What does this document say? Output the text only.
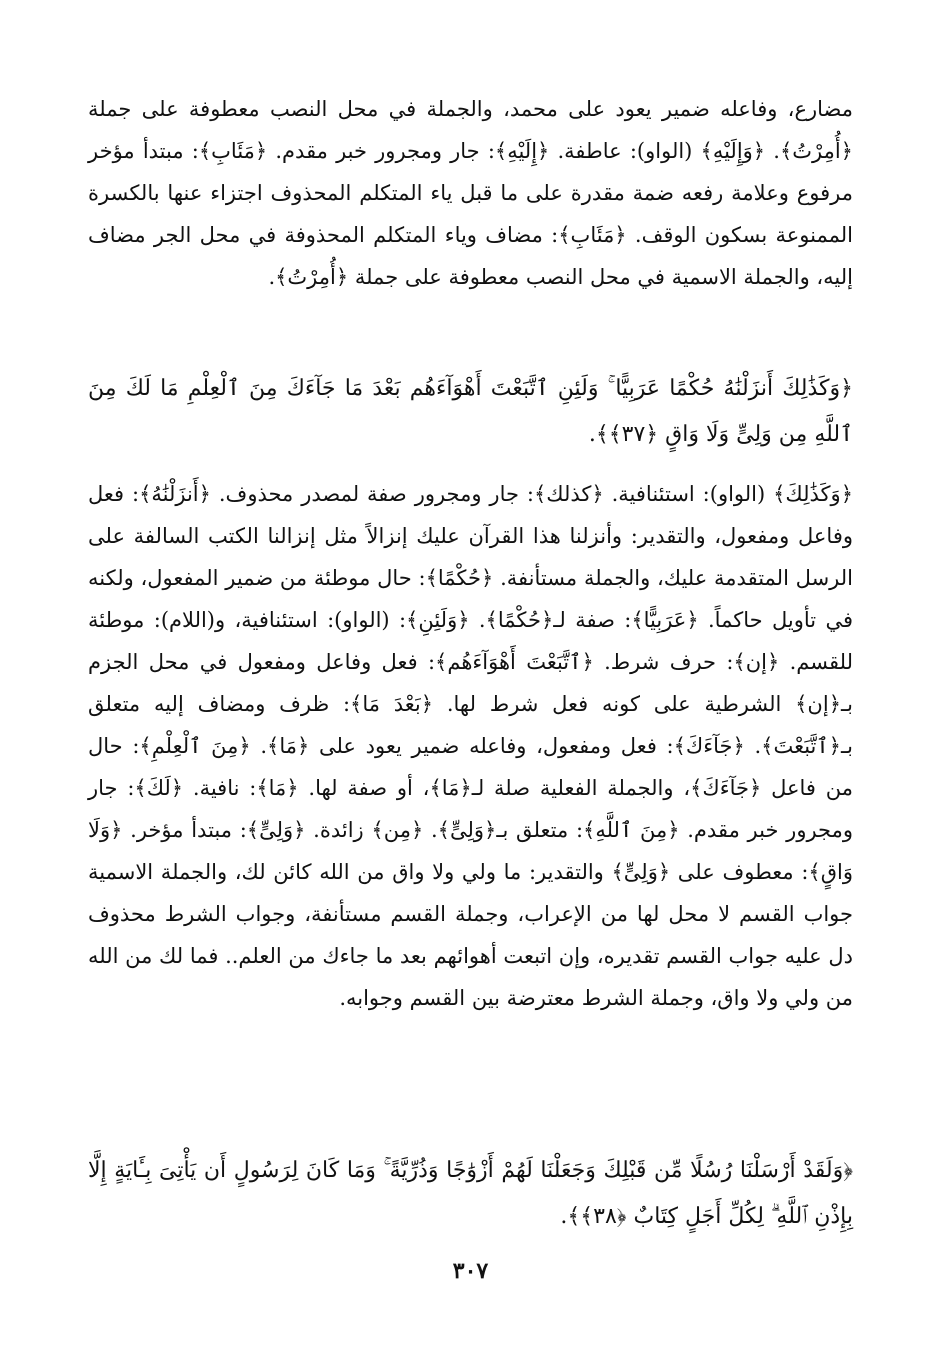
مضارع، وفاعله ضمير يعود على محمد، والجملة في محل النصب معطوفة على جملة ﴿أُمِرْتُ﴾. ﴿وَإِلَيْهِ﴾ (الواو): عاطفة. ﴿إِلَيْهِ﴾: جار ومجرور خبر مقدم. ﴿مَئَابِ﴾: مبتدأ مؤخر مرفوع وعلامة رفعه ضمة مقدرة على ما قبل ياء المتكلم المحذوف اجتزاء عنها بالكسرة الممنوعة بسكون الوقف. ﴿مَئَابِ﴾: مضاف وياء المتكلم المحذوفة في محل الجر مضاف إليه، والجملة الاسمية في محل النصب معطوفة على جملة ﴿أُمِرْتُ﴾.

﴿وَكَذَٰلِكَ أَنزَلْنَٰهُ حُكْمًا عَرَبِيًّا ۚ وَلَئِنِ ٱتَّبَعْتَ أَهْوَآءَهُم بَعْدَ مَا جَآءَكَ مِنَ ٱلْعِلْمِ مَا لَكَ مِنَ ٱللَّهِ مِن وَلِىٍّ وَلَا وَاقٍ ﴿٣٧﴾﴾.

﴿وَكَذَٰلِكَ﴾ (الواو): استئنافية. ﴿كذلك﴾: جار ومجرور صفة لمصدر محذوف. ﴿أَنزَلْنَٰهُ﴾: فعل وفاعل ومفعول، والتقدير: وأنزلنا هذا القرآن عليك إنزالاً مثل إنزالنا الكتب السالفة على الرسل المتقدمة عليك، والجملة مستأنفة. ﴿حُكْمًا﴾: حال موطئة من ضمير المفعول، ولكنه في تأويل حاكماً. ﴿عَرَبِيًّا﴾: صفة لـ﴿حُكْمًا﴾. ﴿وَلَئِنِ﴾: (الواو): استئنافية، و(اللام): موطئة للقسم. ﴿إن﴾: حرف شرط. ﴿ٱتَّبَعْتَ أَهْوَآءَهُم﴾: فعل وفاعل ومفعول في محل الجزم بـ﴿إن﴾ الشرطية على كونه فعل شرط لها. ﴿بَعْدَ مَا﴾: ظرف ومضاف إليه متعلق بـ﴿ٱتَّبَعْتَ﴾. ﴿جَآءَكَ﴾: فعل ومفعول، وفاعله ضمير يعود على ﴿مَا﴾. ﴿مِنَ ٱلْعِلْمِ﴾: حال من فاعل ﴿جَآءَكَ﴾، والجملة الفعلية صلة لـ﴿مَا﴾، أو صفة لها. ﴿مَا﴾: نافية. ﴿لَكَ﴾: جار ومجرور خبر مقدم. ﴿مِنَ ٱللَّهِ﴾: متعلق بـ﴿وَلِىٍّ﴾. ﴿مِن﴾ زائدة. ﴿وَلِىٍّ﴾: مبتدأ مؤخر. ﴿وَلَا وَاقٍ﴾: معطوف على ﴿وَلِىٍّ﴾ والتقدير: ما ولي ولا واق من الله كائن لك، والجملة الاسمية جواب القسم لا محل لها من الإعراب، وجملة القسم مستأنفة، وجواب الشرط محذوف دل عليه جواب القسم تقديره، وإن اتبعت أهوائهم بعد ما جاءك من العلم.. فما لك من الله من ولي ولا واق، وجملة الشرط معترضة بين القسم وجوابه.

﴿وَلَقَدْ أَرْسَلْنَا رُسُلًا مِّن قَبْلِكَ وَجَعَلْنَا لَهُمْ أَزْوَٰجًا وَذُرِّيَّةً ۚ وَمَا كَانَ لِرَسُولٍ أَن يَأْتِىَ بِـَٔايَةٍ إِلَّا بِإِذْنِ ٱللَّهِ ۗ لِكُلِّ أَجَلٍ كِتَابٌ ﴿٣٨﴾﴾.

٣٠٧
